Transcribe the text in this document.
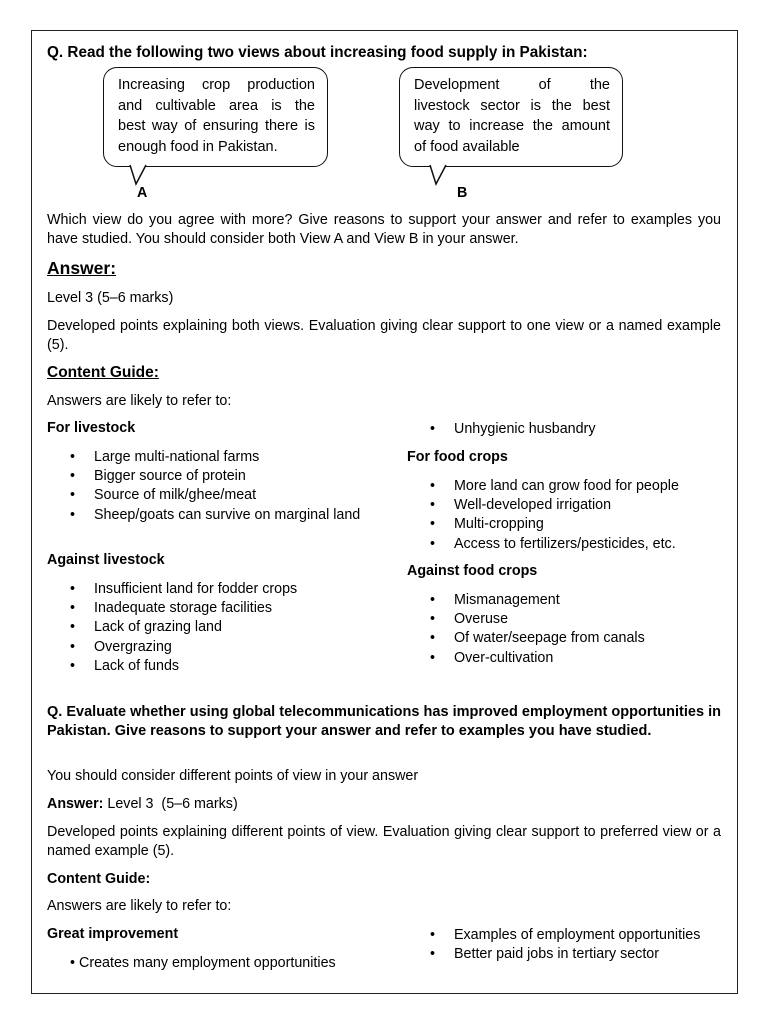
Q. Read the following two views about increasing food supply in Pakistan:
Increasing crop production
and cultivable area is the
best way of ensuring there is
enough food in Pakistan.
Development of the
livestock sector is the best
way to increase the amount
of food available
A	B
Which view do you agree with more? Give reasons to support your answer and refer to examples you have studied. You should consider both View A and View B in your answer.
Answer:
Level 3 (5–6 marks)
Developed points explaining both views. Evaluation giving clear support to one view or a named example (5).
Content Guide:
Answers are likely to refer to:
For livestock
• Large multi-national farms
• Bigger source of protein
• Source of milk/ghee/meat
• Sheep/goats can survive on marginal land
Against livestock
• Insufficient land for fodder crops
• Inadequate storage facilities
• Lack of grazing land
• Overgrazing
• Lack of funds
• Unhygienic husbandry
For food crops
• More land can grow food for people
• Well-developed irrigation
• Multi-cropping
• Access to fertilizers/pesticides, etc.
Against food crops
• Mismanagement
• Overuse
• Of water/seepage from canals
• Over-cultivation
Q. Evaluate whether using global telecommunications has improved employment opportunities in Pakistan. Give reasons to support your answer and refer to examples you have studied.
You should consider different points of view in your answer
Answer: Level 3  (5–6 marks)
Developed points explaining different points of view. Evaluation giving clear support to preferred view or a named example (5).
Content Guide:
Answers are likely to refer to:
Great improvement
• Creates many employment opportunities
• Examples of employment opportunities
• Better paid jobs in tertiary sector
